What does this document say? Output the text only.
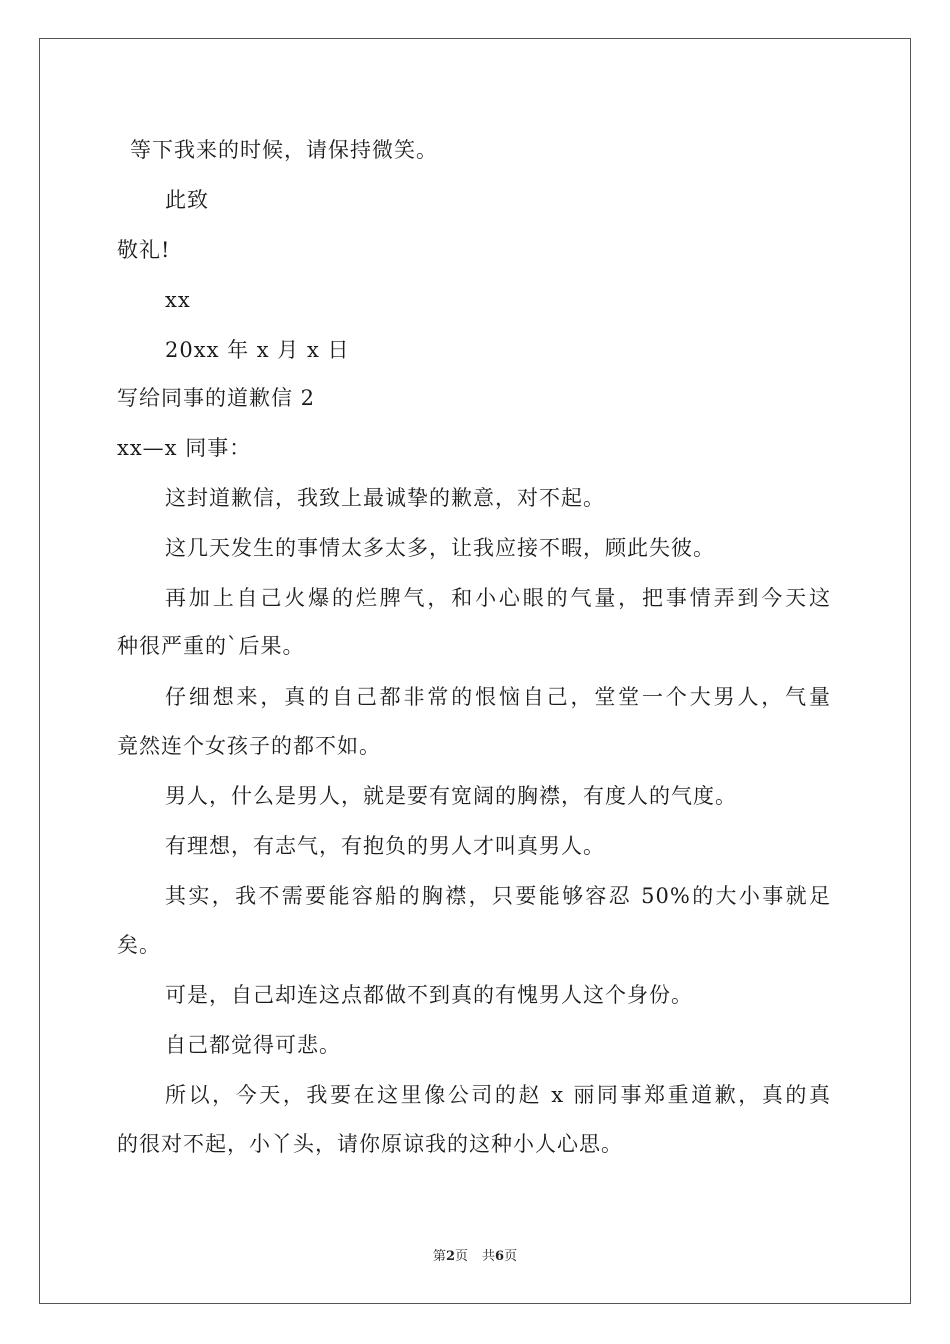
等下我来的时候，请保持微笑。
此致
敬礼!
xx
20xx 年 x 月 x 日
写给同事的道歉信 2
xx—x 同事：
这封道歉信，我致上最诚挚的歉意，对不起。
这几天发生的事情太多太多，让我应接不暇，顾此失彼。
再加上自己火爆的烂脾气，和小心眼的气量，把事情弄到今天这
种很严重的`后果。
仔细想来，真的自己都非常的恨恼自己，堂堂一个大男人，气量
竟然连个女孩子的都不如。
男人，什么是男人，就是要有宽阔的胸襟，有度人的气度。
有理想，有志气，有抱负的男人才叫真男人。
其实，我不需要能容船的胸襟，只要能够容忍 50%的大小事就足
矣。
可是，自己却连这点都做不到真的有愧男人这个身份。
自己都觉得可悲。
所以，今天，我要在这里像公司的赵 x 丽同事郑重道歉，真的真
的很对不起，小丫头，请你原谅我的这种小人心思。
第2页 共6页
